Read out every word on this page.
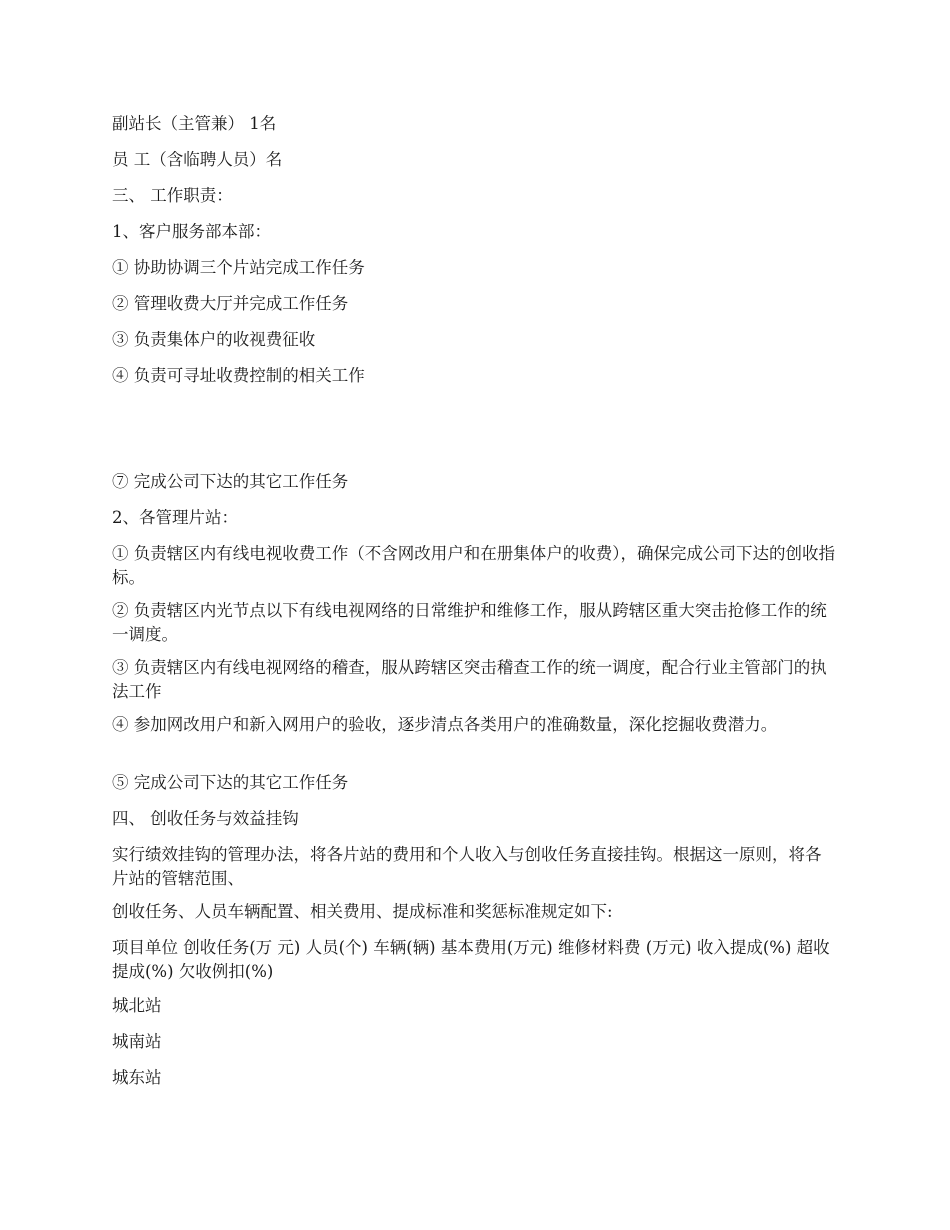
副站长（主管兼） 1名

员 工（含临聘人员）名

三、 工作职责：

1、客户服务部本部：

① 协助协调三个片站完成工作任务

② 管理收费大厅并完成工作任务

③ 负责集体户的收视费征收

④ 负责可寻址收费控制的相关工作

⑦ 完成公司下达的其它工作任务

2、各管理片站：

① 负责辖区内有线电视收费工作（不含网改用户和在册集体户的收费），确保完成公司下达的创收指标。

② 负责辖区内光节点以下有线电视网络的日常维护和维修工作，服从跨辖区重大突击抢修工作的统一调度。

③ 负责辖区内有线电视网络的稽查，服从跨辖区突击稽查工作的统一调度，配合行业主管部门的执法工作

④ 参加网改用户和新入网用户的验收，逐步清点各类用户的准确数量，深化挖掘收费潜力。

⑤ 完成公司下达的其它工作任务

四、 创收任务与效益挂钩

实行绩效挂钩的管理办法，将各片站的费用和个人收入与创收任务直接挂钩。根据这一原则，将各片站的管辖范围、

创收任务、人员车辆配置、相关费用、提成标准和奖惩标准规定如下:

项目单位 创收任务(万 元) 人员(个) 车辆(辆) 基本费用(万元) 维修材料费 (万元) 收入提成(%) 超收提成(%) 欠收例扣(%)

城北站

城南站

城东站
